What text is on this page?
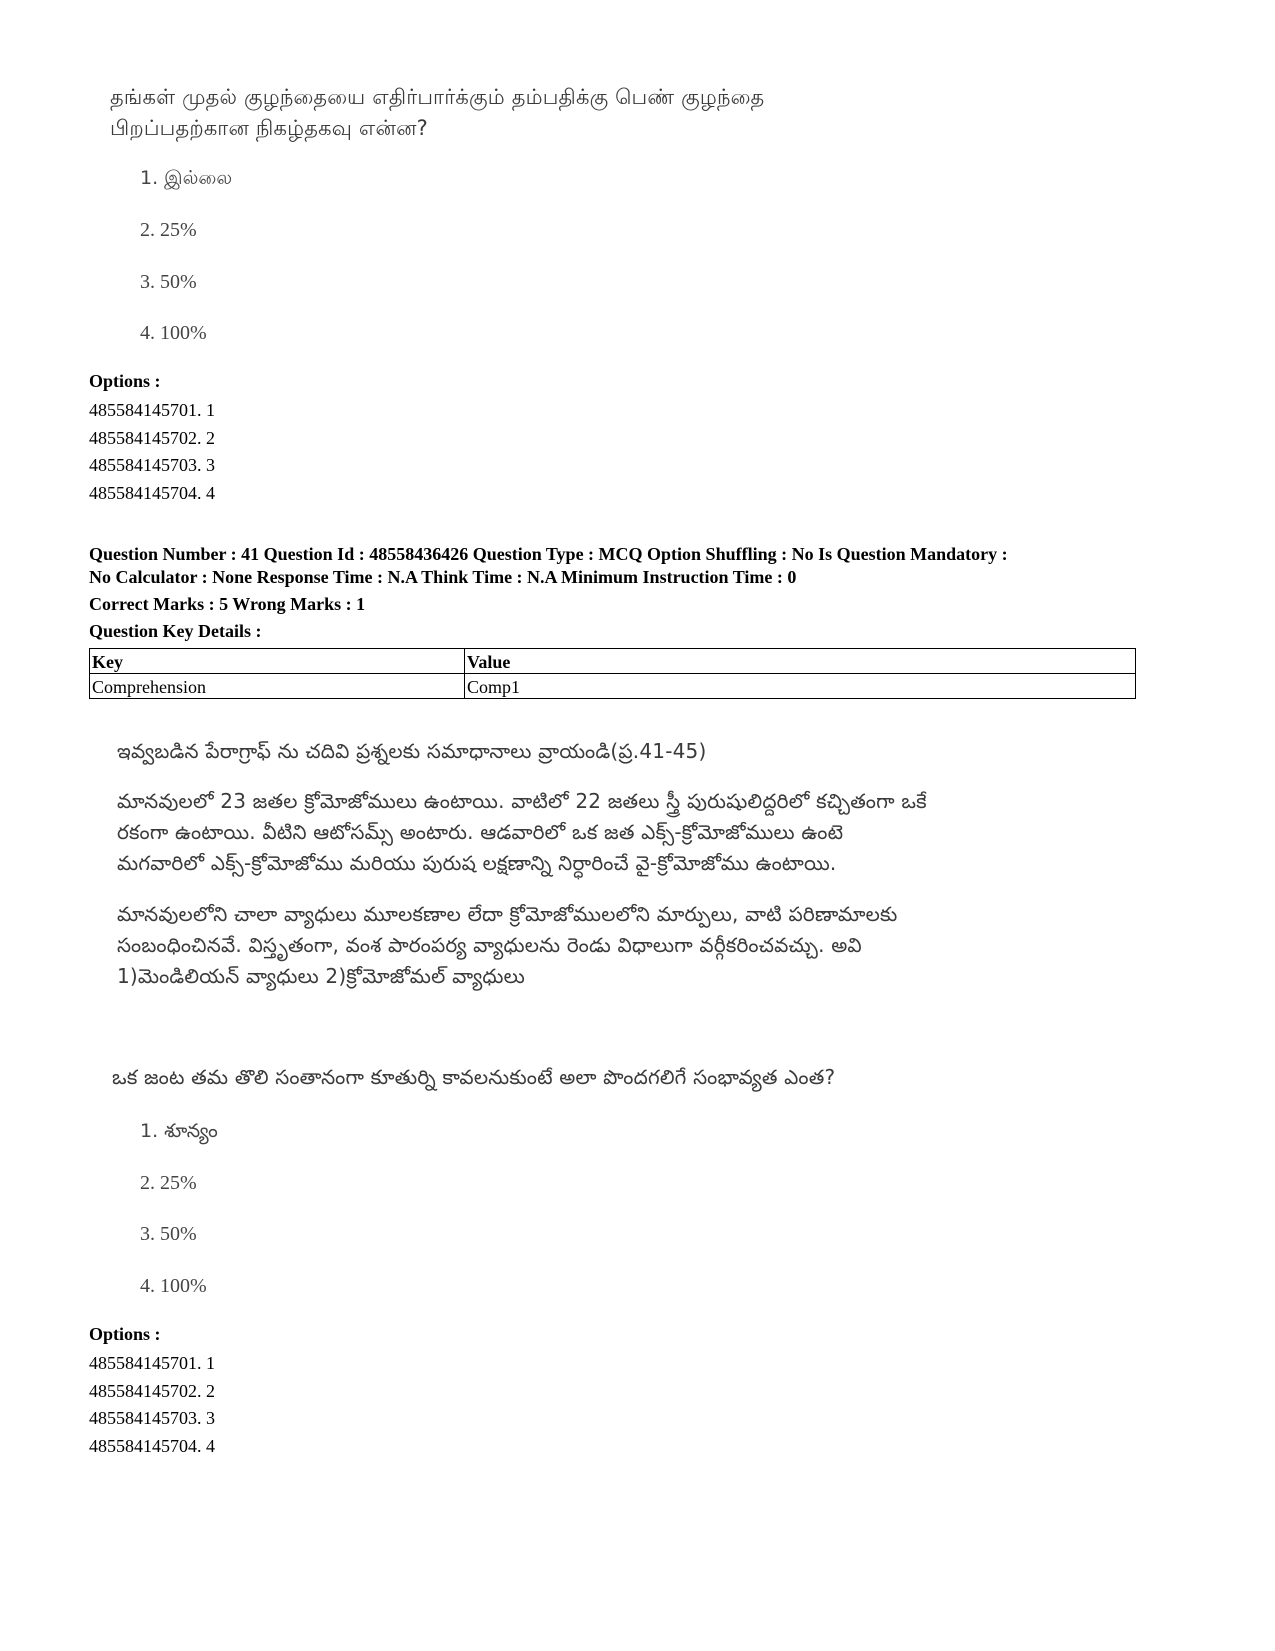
தங்கள் முதல் குழந்தையை எதிர்பார்க்கும் தம்பதிக்கு பெண் குழந்தை
பிறப்பதற்கான நிகழ்தகவு என்ன?
1. இல்லை
2. 25%
3. 50%
4. 100%
Options :
485584145701. 1
485584145702. 2
485584145703. 3
485584145704. 4
Question Number : 41 Question Id : 48558436426 Question Type : MCQ Option Shuffling : No Is Question Mandatory :
No Calculator : None Response Time : N.A Think Time : N.A Minimum Instruction Time : 0
Correct Marks : 5 Wrong Marks : 1
Question Key Details :
Key	Value
Comprehension	Comp1
ఇవ్వబడిన పేరాగ్రాఫ్ ను చదివి ప్రశ్నలకు సమాధానాలు వ్రాయండి(ప్ర.41-45)
మానవులలో 23 జతల క్రోమోజోములు ఉంటాయి. వాటిలో 22 జతలు స్త్రీ పురుషులిద్దరిలో కచ్చితంగా ఒకే
రకంగా ఉంటాయి. వీటిని ఆటోసమ్స్ అంటారు. ఆడవారిలో ఒక జత ఎక్స్-క్రోమోజోములు ఉంటె
మగవారిలో ఎక్స్-క్రోమోజోము మరియు పురుష లక్షణాన్ని నిర్ధారించే వై-క్రోమోజోము ఉంటాయి.
మానవులలోని చాలా వ్యాధులు మూలకణాల లేదా క్రోమోజోములలోని మార్పులు, వాటి పరిణామాలకు
సంబంధించినవే. విస్తృతంగా, వంశ పారంపర్య వ్యాధులను రెండు విధాలుగా వర్గీకరించవచ్చు. అవి
1)మెండిలియన్ వ్యాధులు 2)క్రోమోజోమల్ వ్యాధులు
ఒక జంట తమ తొలి సంతానంగా కూతుర్ని కావలనుకుంటే అలా పొందగలిగే సంభావ్యత ఎంత?
1. శూన్యం
2. 25%
3. 50%
4. 100%
Options :
485584145701. 1
485584145702. 2
485584145703. 3
485584145704. 4
